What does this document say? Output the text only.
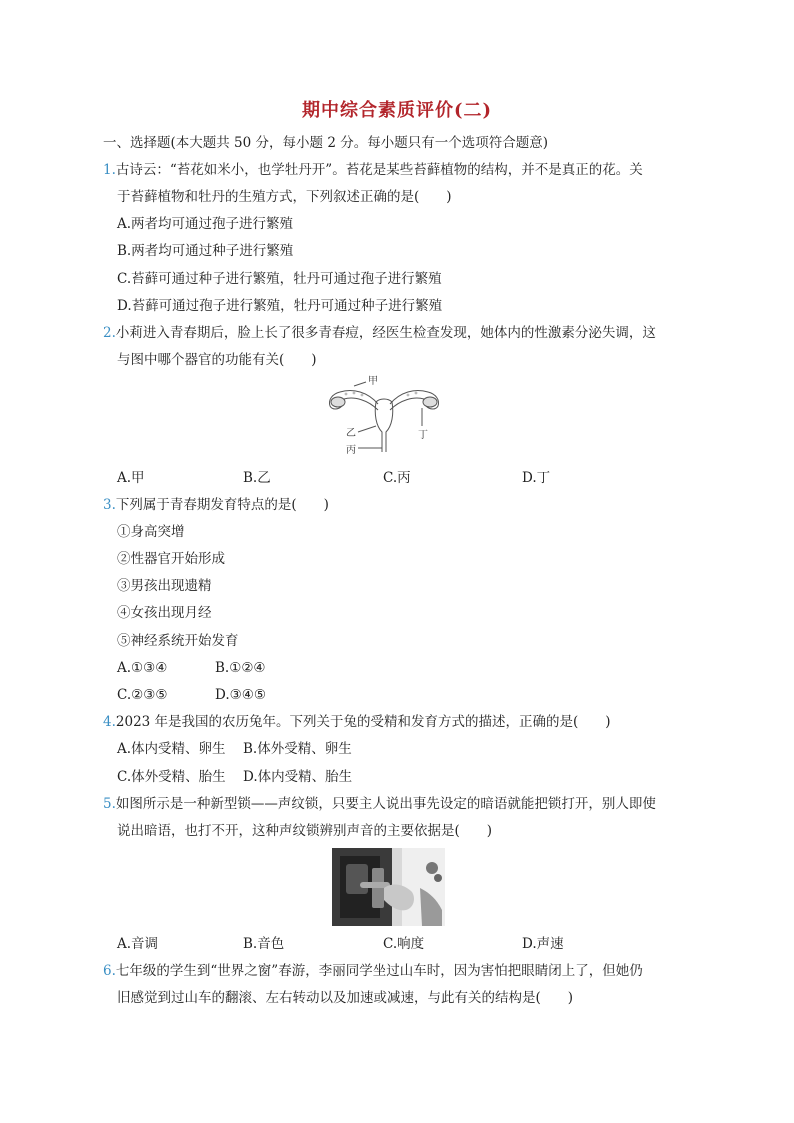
期中综合素质评价(二)
一、选择题(本大题共 50 分，每小题 2 分。每小题只有一个选项符合题意)
1.古诗云：“苔花如米小，也学牡丹开”。苔花是某些苔藓植物的结构，并不是真正的花。关
于苔藓植物和牡丹的生殖方式，下列叙述正确的是(　　)
A.两者均可通过孢子进行繁殖
B.两者均可通过种子进行繁殖
C.苔藓可通过种子进行繁殖，牡丹可通过孢子进行繁殖
D.苔藓可通过孢子进行繁殖，牡丹可通过种子进行繁殖
2.小莉进入青春期后，脸上长了很多青春痘，经医生检查发现，她体内的性激素分泌失调，这
与图中哪个器官的功能有关(　　)
甲
乙
丙
丁
A.甲	B.乙	C.丙	D.丁
3.下列属于青春期发育特点的是(　　)
①身高突增
②性器官开始形成
③男孩出现遗精
④女孩出现月经
⑤神经系统开始发育
A.①③④	B.①②④
C.②③⑤	D.③④⑤
4.2023 年是我国的农历兔年。下列关于兔的受精和发育方式的描述，正确的是(　　)
A.体内受精、卵生 B.体外受精、卵生
C.体外受精、胎生 D.体内受精、胎生
5.如图所示是一种新型锁——声纹锁，只要主人说出事先设定的暗语就能把锁打开，别人即使
说出暗语，也打不开，这种声纹锁辨别声音的主要依据是(　　)
A.音调	B.音色	C.响度	D.声速
6.七年级的学生到“世界之窗”春游，李丽同学坐过山车时，因为害怕把眼睛闭上了，但她仍
旧感觉到过山车的翻滚、左右转动以及加速或减速，与此有关的结构是(　　)
